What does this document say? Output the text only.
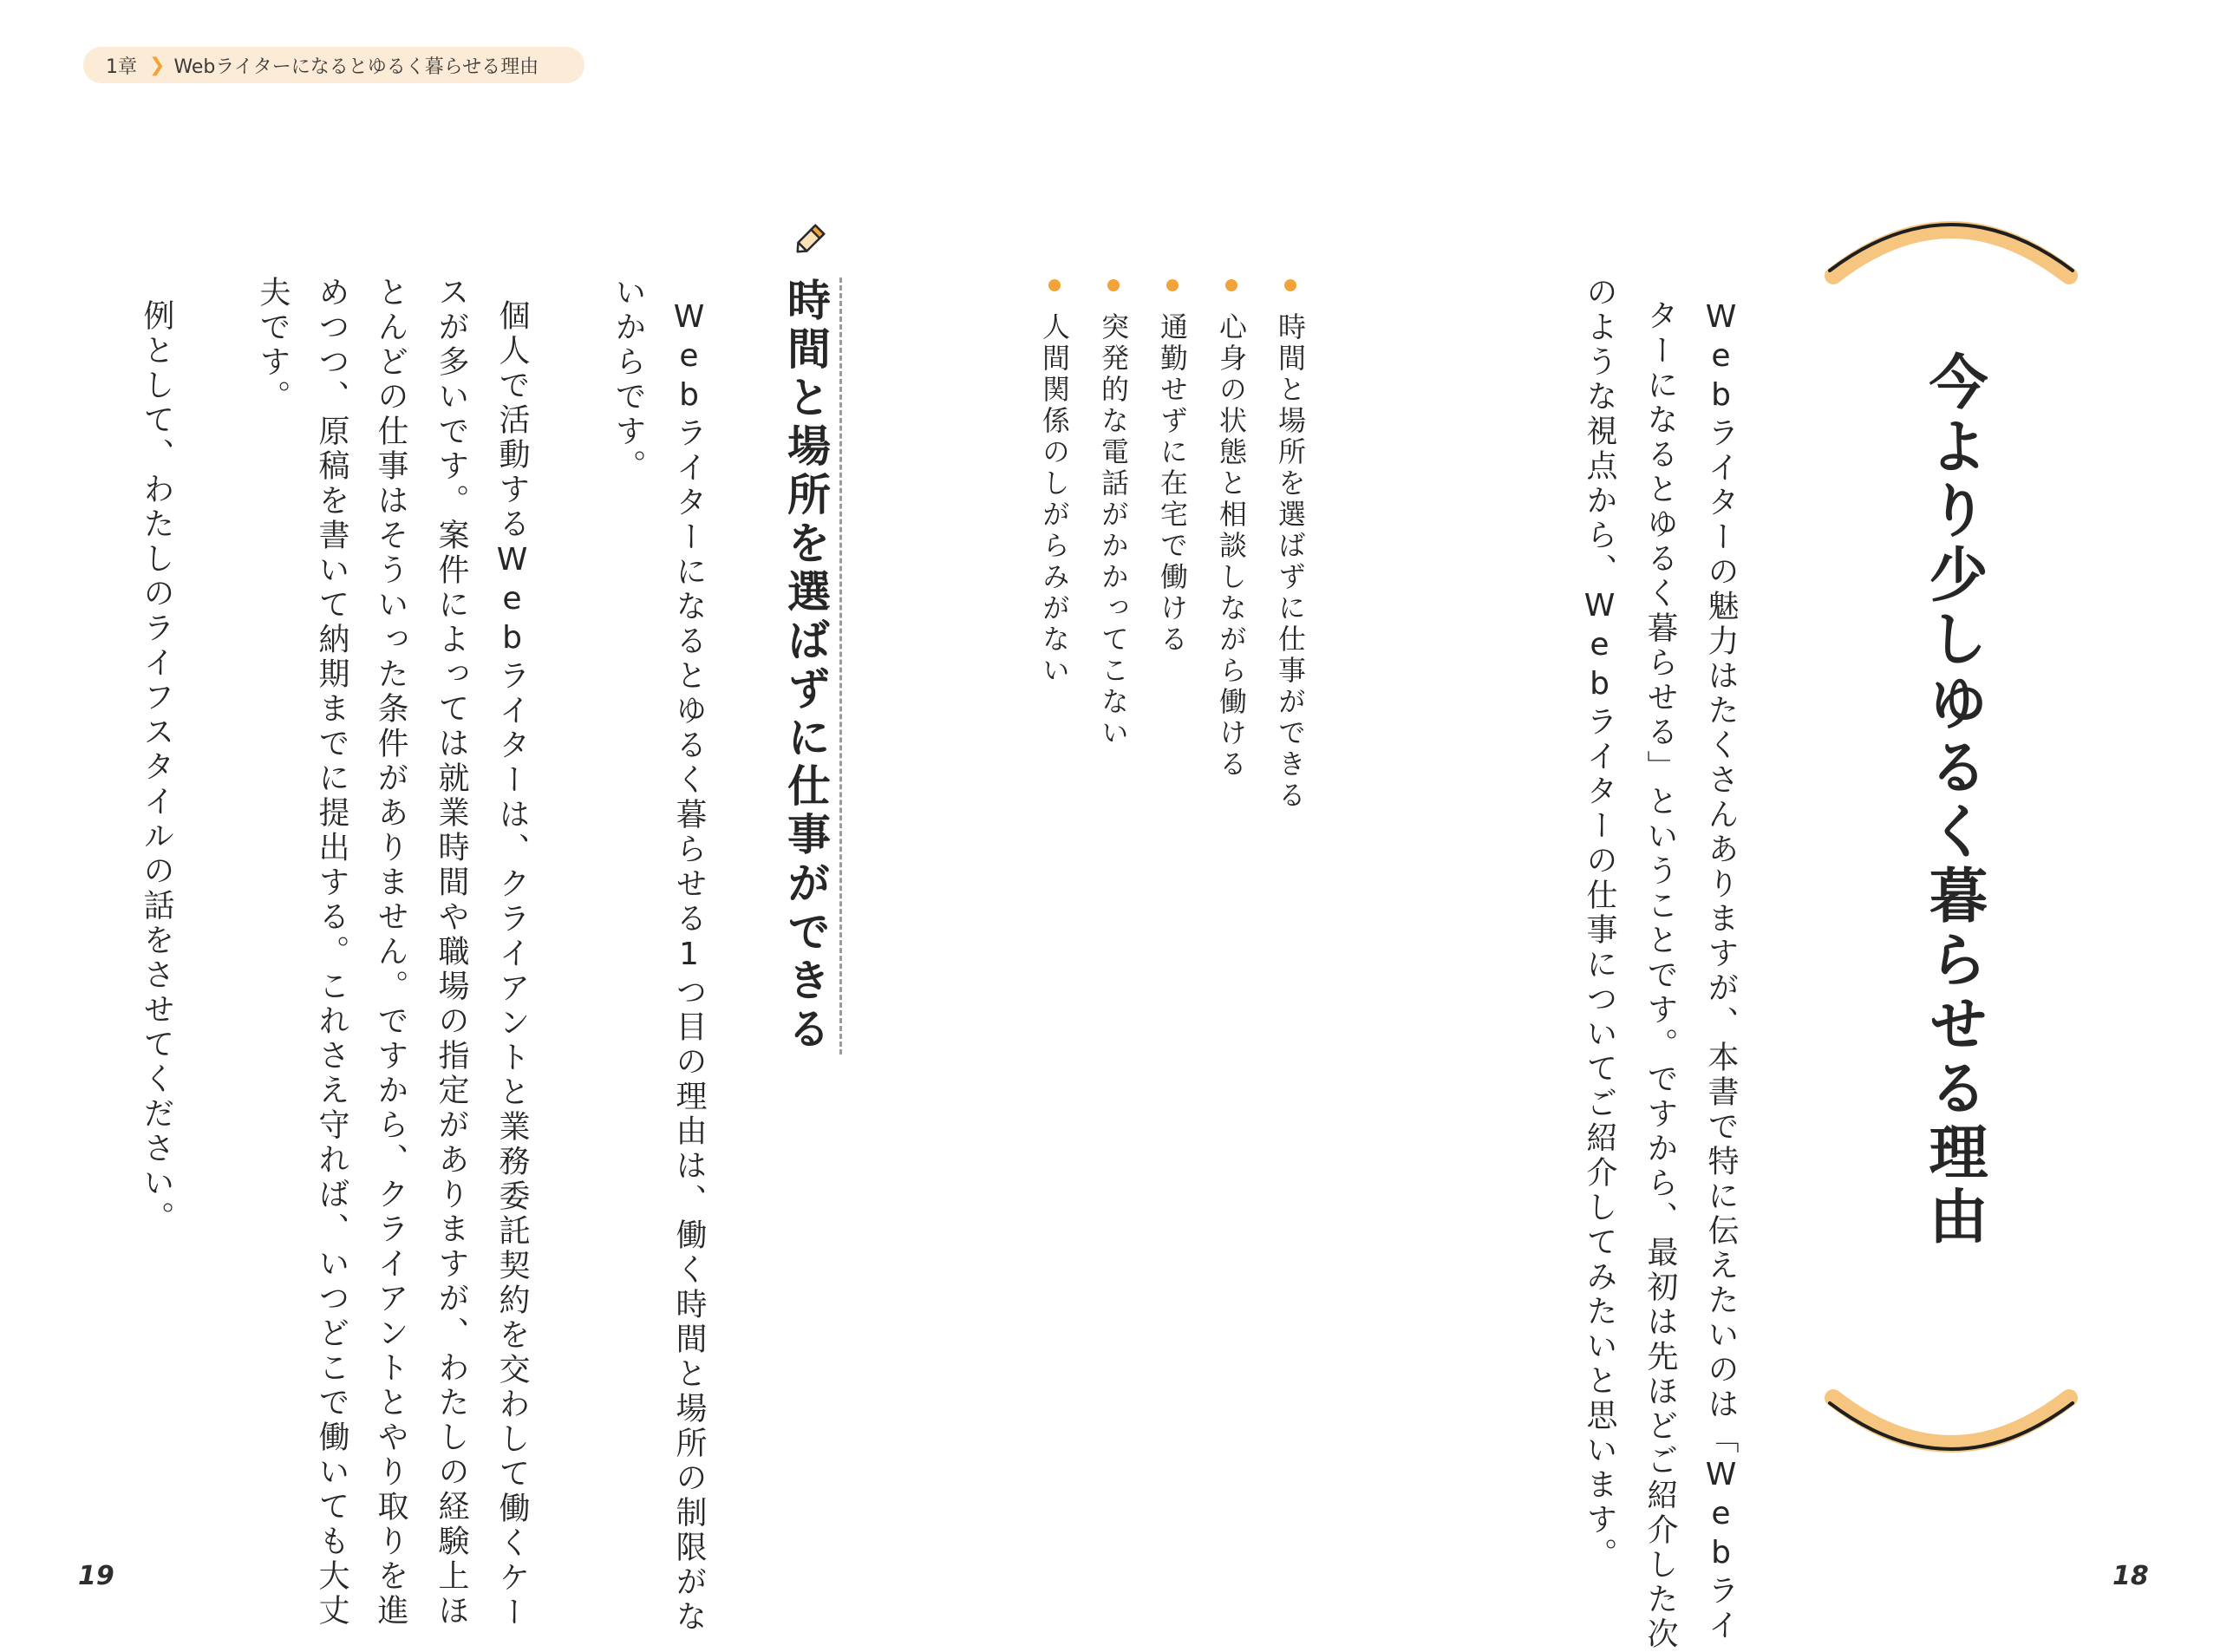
1章 ❯ Webライターになるとゆるく暮らせる理由
今より少しゆるく暮らせる理由

Webライターの魅力はたくさんありますが、本書で特に伝えたいのは「Webライ

ターになるとゆるく暮らせる」ということです。ですから、最初は先ほどご紹介した次

のような視点から、Webライターの仕事についてご紹介してみたいと思います。

時間と場所を選ばずに仕事ができる
心身の状態と相談しながら働ける
通勤せずに在宅で働ける
突発的な電話がかかってこない
人間関係のしがらみがない
時間と場所を選ばずに仕事ができる

Webライターになるとゆるく暮らせる1つ目の理由は、働く時間と場所の制限がな

いからです。

個人で活動するWebライターは、クライアントと業務委託契約を交わして働くケー

スが多いです。案件によっては就業時間や職場の指定がありますが、わたしの経験上ほ

とんどの仕事はそういった条件がありません。ですから、クライアントとやり取りを進

めつつ、原稿を書いて納期までに提出する。これさえ守れば、いつどこで働いても大丈

夫です。

例として、わたしのライフスタイルの話をさせてください。

19	18
